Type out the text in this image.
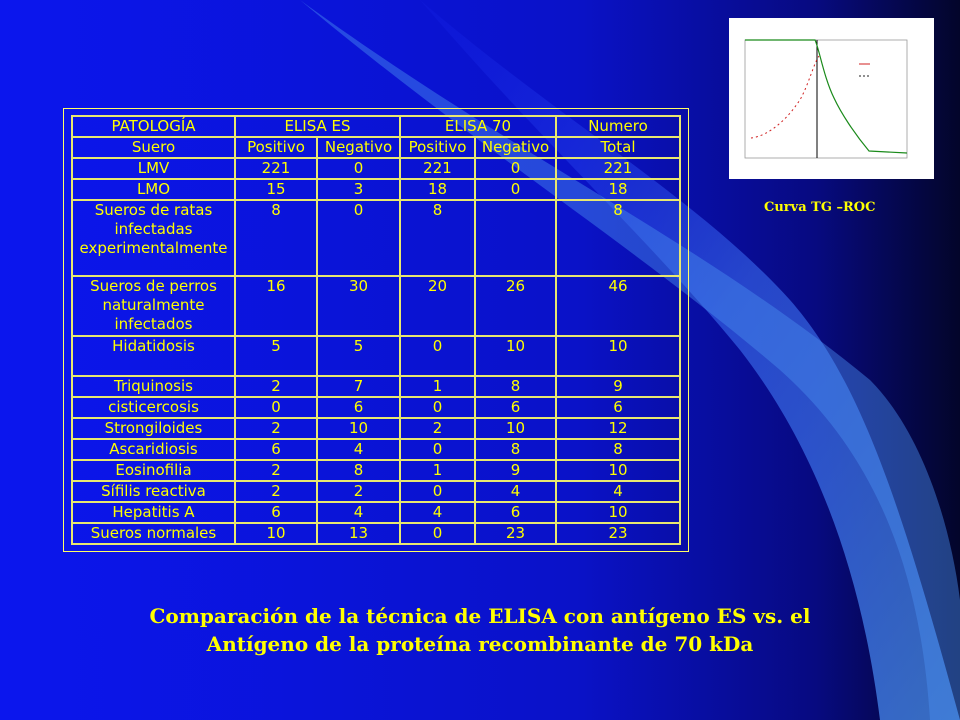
PATOLOGÍA	ELISA ES		ELISA 70		Numero
Suero	Positivo	Negativo	Positivo	Negativo	Total
LMV	221	0	221	0	221
LMO	15	3	18	0	18
Sueros de ratas infectadas experimentalmente	8	0	8		8
Sueros de perros naturalmente infectados	16	30	20	26	46
Hidatidosis	5	5	0	10	10
Triquinosis	2	7	1	8	9
cisticercosis	0	6	0	6	6
Strongiloides	2	10	2	10	12
Ascaridiosis	6	4	0	8	8
Eosinofilia	2	8	1	9	10
Sífilis reactiva	2	2	0	4	4
Hepatitis A	6	4	4	6	10
Sueros normales	10	13	0	23	23
Curva TG –ROC
Comparación de la técnica de ELISA con antígeno ES vs. el
Antígeno de la proteína recombinante de 70 kDa
